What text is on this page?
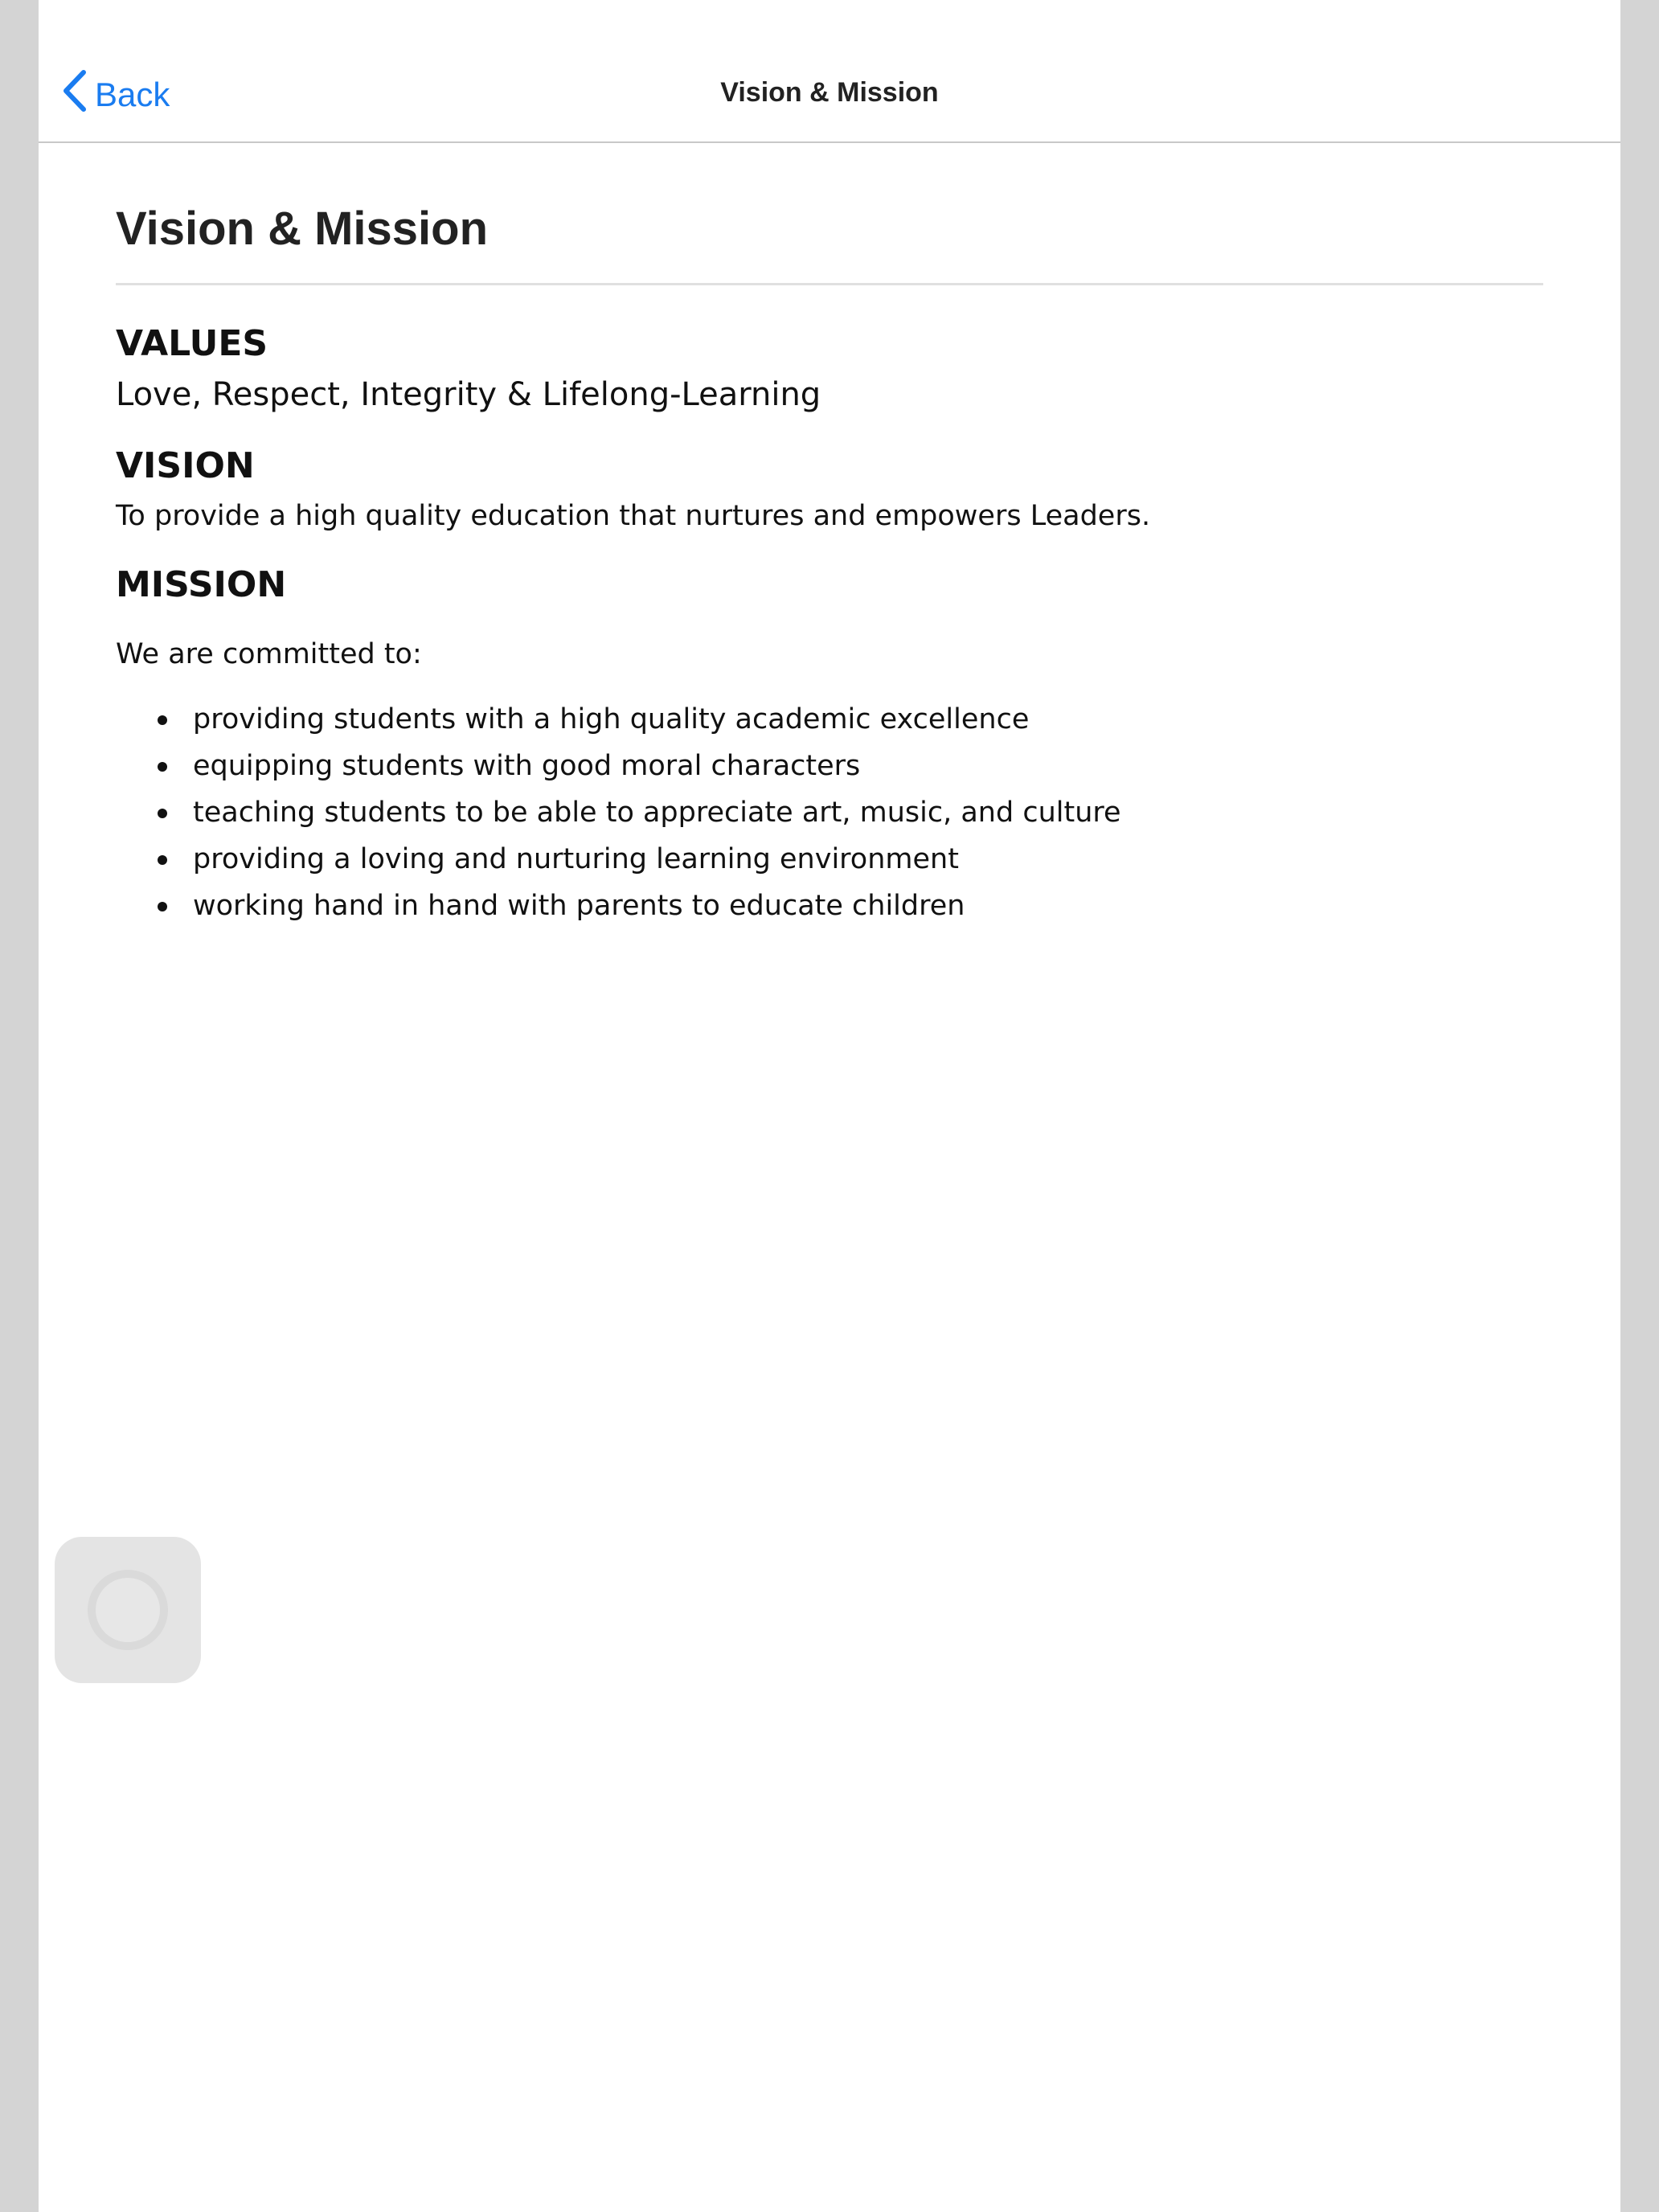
Back	Vision & Mission
Vision & Mission
VALUES

Love, Respect, Integrity & Lifelong-Learning

VISION

To provide a high quality education that nurtures and empowers Leaders.

MISSION

We are committed to:

providing students with a high quality academic excellence
equipping students with good moral characters
teaching students to be able to appreciate art, music, and culture
providing a loving and nurturing learning environment
working hand in hand with parents to educate children
